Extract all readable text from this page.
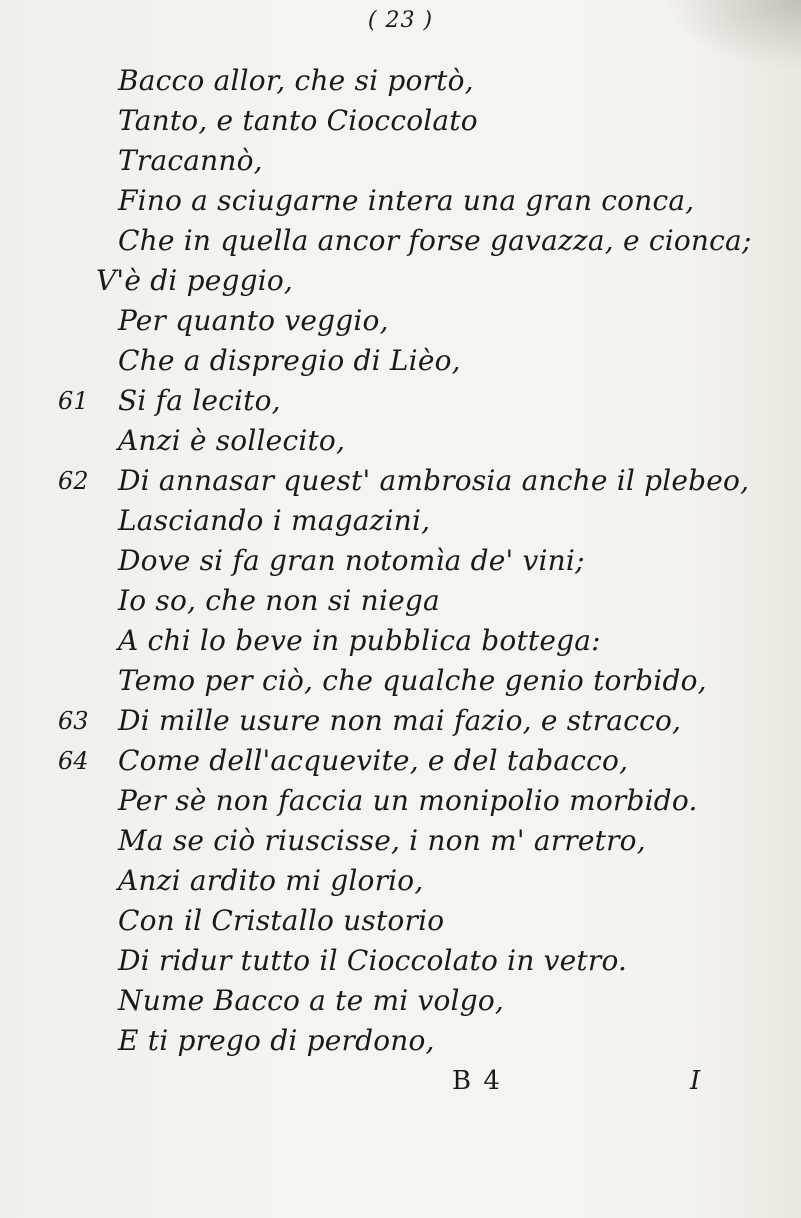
( 23 )
Bacco allor, che si portò,
Tanto, e tanto Cioccolato
Tracannò,
Fino a sciugarne intera una gran conca,
Che in quella ancor forse gavazza, e cionca;
V'è di peggio,
Per quanto veggio,
Che a dispregio di Lièo,
Si fa lecito,
Anzi è sollecito,
Di annasar quest' ambrosia anche il plebeo,
Lasciando i magazini,
Dove si fa gran notomìa de' vini;
Io so, che non si niega
A chi lo beve in pubblica bottega:
Temo per ciò, che qualche genio torbido,
Di mille usure non mai fazio, e stracco,
Come dell'acquevite, e del tabacco,
Per sè non faccia un monipolio morbido.
Ma se ciò riuscisse, i non m' arretro,
Anzi ardito mi glorio,
Con il Cristallo ustorio
Di ridur tutto il Cioccolato in vetro.
Nume Bacco a te mi volgo,
E ti prego di perdono,
61
62
63
64
B 4	I
